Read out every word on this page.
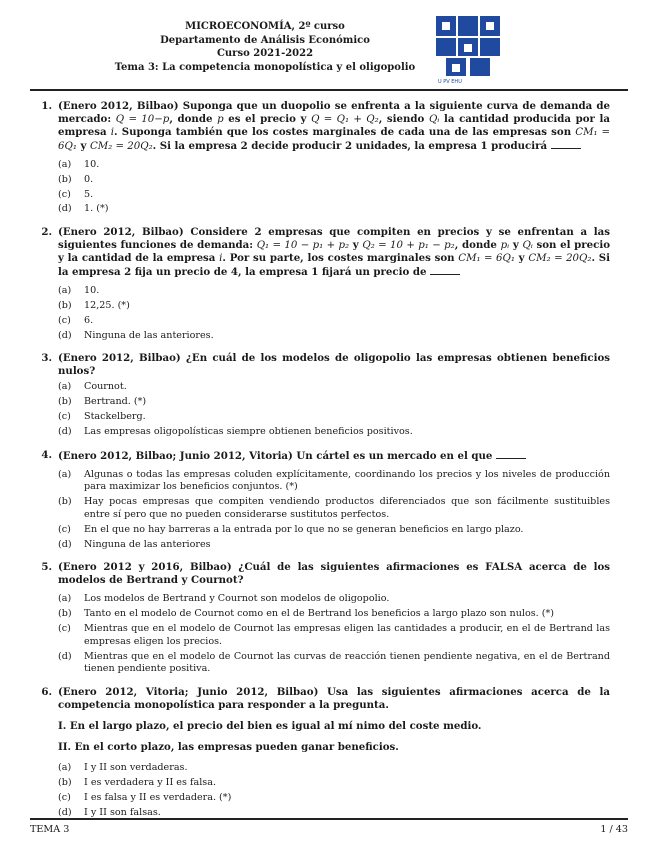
MICROECONOMÍA, 2º curso
Departamento de Análisis Económico
Curso 2021-2022
Tema 3: La competencia monopolística y el oligopolio
U PV EHU
1. (Enero 2012, Bilbao) Suponga que un duopolio se enfrenta a la siguiente curva de demanda de mercado: Q = 10−p, donde p es el precio y Q = Q₁ + Q₂, siendo Qᵢ la cantidad producida por la empresa i. Suponga también que los costes marginales de cada una de las empresas son CM₁ = 6Q₁ y CM₂ = 20Q₂. Si la empresa 2 decide producir 2 unidades, la empresa 1 producirá
(a)	10.
(b)	0.
(c)	5.
(d)	1. (*)
2. (Enero 2012, Bilbao) Considere 2 empresas que compiten en precios y se enfrentan a las siguientes funciones de demanda: Q₁ = 10 − p₁ + p₂ y Q₂ = 10 + p₁ − p₂, donde pᵢ y Qᵢ son el precio y la cantidad de la empresa i. Por su parte, los costes marginales son CM₁ = 6Q₁ y CM₂ = 20Q₂. Si la empresa 2 fija un precio de 4, la empresa 1 fijará un precio de
(a)	10.
(b)	12,25. (*)
(c)	6.
(d)	Ninguna de las anteriores.
3. (Enero 2012, Bilbao) ¿En cuál de los modelos de oligopolio las empresas obtienen beneficios nulos?
(a)	Cournot.
(b)	Bertrand. (*)
(c)	Stackelberg.
(d)	Las empresas oligopolísticas siempre obtienen beneficios positivos.
4. (Enero 2012, Bilbao; Junio 2012, Vitoria) Un cártel es un mercado en el que
(a)	Algunas o todas las empresas coluden explícitamente, coordinando los precios y los niveles de producción para maximizar los beneficios conjuntos. (*)
(b)	Hay pocas empresas que compiten vendiendo productos diferenciados que son fácilmente sustituibles entre sí pero que no pueden considerarse sustitutos perfectos.
(c)	En el que no hay barreras a la entrada por lo que no se generan beneficios en largo plazo.
(d)	Ninguna de las anteriores
5. (Enero 2012 y 2016, Bilbao) ¿Cuál de las siguientes afirmaciones es FALSA acerca de los modelos de Bertrand y Cournot?
(a)	Los modelos de Bertrand y Cournot son modelos de oligopolio.
(b)	Tanto en el modelo de Cournot como en el de Bertrand los beneficios a largo plazo son nulos. (*)
(c)	Mientras que en el modelo de Cournot las empresas eligen las cantidades a producir, en el de Bertrand las empresas eligen los precios.
(d)	Mientras que en el modelo de Cournot las curvas de reacción tienen pendiente negativa, en el de Bertrand tienen pendiente positiva.
6. (Enero 2012, Vitoria; Junio 2012, Bilbao) Usa las siguientes afirmaciones acerca de la competencia monopolística para responder a la pregunta.
I. En el largo plazo, el precio del bien es igual al mí nimo del coste medio.
II. En el corto plazo, las empresas pueden ganar beneficios.
(a)	I y II son verdaderas.
(b)	I es verdadera y II es falsa.
(c)	I es falsa y II es verdadera. (*)
(d)	I y II son falsas.
TEMA 3	1 / 43
